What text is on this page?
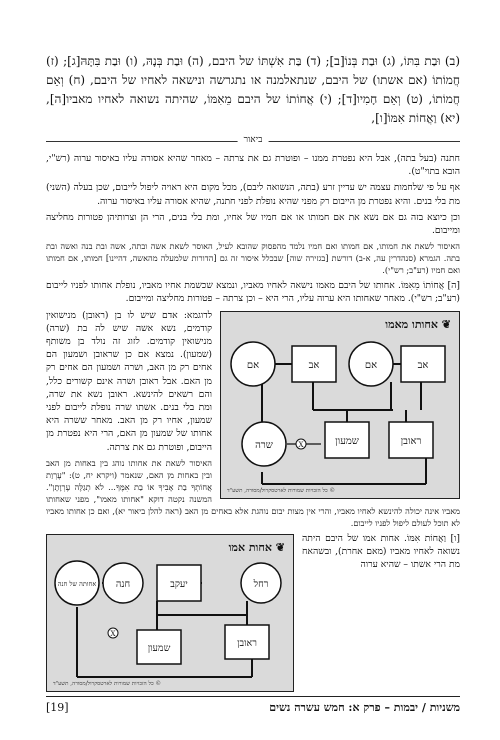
(ב) וּבַת בִּתּוֹ, (ג) וּבַת בְּנוֹ[ב]; (ד) בַּת אִשְׁתּוֹ של היבם, (ה) וּבַת בְּנָהּ, (ו) וּבַת בִּתָּהּ[ג]; (ז) חֲמוֹתוֹ (אם אשתו) של היבם, שנתאלמנה או נתגרשה ונישאה לאחיו של היבם, (ח) וְאֵם חֲמוֹתוֹ, (ט) וְאֵם חָמִיו[ד]; (י) אֲחוֹתוֹ של היבם מֵאִמּוֹ, שהיתה נשואה לאחיו מאביו[ה], (יא) וַאֲחוֹת אִמּוֹ[ו],

ביאור

חתנה (בעל בתה), אבל היא נפטרת ממנו – ופוטרת גם את צרתה – מאחר שהיא אסורה עליו באיסור ערוה (רש"י, הובא בתוי"ט).

אף על פי שלחמות עצמה יש עדיין זרע (בתה, הנשואה ליבם), מכל מקום היא ראויה ליפול לייבום, שכן בעלה (השני) מת בלי בנים. והיא נפטרת מן הייבום רק מפני שהיא נופלת לפני חתנה, שהיא אסורה עליו באיסור ערוה.

וכן כיוצא בזה גם אם נשא את אם חמותו או אם חמיו של אחיו, ומת בלי בנים, הרי הן וצרותיהן פטורות מחליצה ומייבום.

האיסור לשאת את חמותו, אם חמותו ואם חמיו נלמד מהפסוק שהובא לעיל, האוסר לשאת אשה ובתה, אשה ובת בנה ואשה ובת בתה. הגמרא (סנהדרין עה, א-ב) דורשת [בגזירה שוה] שבכלל איסור זה גם [הדורות שלמעלה מהאשה, דהיינו] חמותו, אם חמותו ואם חמיו (רע"ב; רש"י).

[ה] אֲחוֹתוֹ מֵאִמּוֹ. אחותו של היבם מאמו נישאה לאחיו מאביו, ונמצא שכשמת אחיו מאביו, נופלת אחותו לפניו לייבום (רע"ב; רש"י). מאחר שאחותו היא ערוה עליו, הרי היא – וכן צרתה – פטורות מחליצה ומייבום.

❦ אחותו מאמו
X
אם	אב	אם	אב
שרה	שמעון	ראובן
© כל הזכויות שמורות לארטסקרול/מסורה, תשע"ד

לדוגמא: אדם שיש לו בן (ראובן) מנישואין קודמים, נשא אשה שיש לה בת (שרה) מנישואין קודמים. לזוג זה נולד בן משותף (שמעון). נמצא אם כן שראובן ושמעון הם אחים רק מן האב, ושרה ושמעון הם אחים רק מן האם. אבל ראובן ושרה אינם קשורים כלל, והם רשאים להינשא. ראובן נשא את שרה, ומת בלי בנים. אשתו שרה נופלת לייבום לפני שמעון, אחיו רק מן האב. מאחר ששרה היא אחותו של שמעון מן האם, הרי היא נפטרת מן הייבום, ופוטרת גם את צרתה.

האיסור לשאת את אחותו נוהג בין באחות מן האב ובין באחות מן האם, שנאמר (ויקרא יח, ט): "עֶרְוַת אֲחוֹתְךָ בַת אָבִיךָ אוֹ בַת אִמֶּךָ... לֹא תְגַלֶּה עֶרְוָתָן". המשנה נקטה דוקא "אחותו מאמו", מפני שאחותו מאביו אינה יכולה להינשא לאחיו מאביו, והרי אין מצות יבום נוהגת אלא באחים מן האב (ראה להלן ביאור יא), ואם כן אחותו מאביו לא תוכל לעולם ליפול לפניו לייבום.

❦ אחות אמו
X
רחל
יעקב
חנה
אחותה של חנה
ראובן
שמעון
© כל הזכויות שמורות לארטסקרול/מסורה, תשע"ד

[ו] וַאֲחוֹת אִמּוֹ. אחות אמו של היבם היתה נשואה לאחיו מאביו (מאם אחרת), ובשהאח מת הרי אשתו – שהיא ערוה

משניות / יבמות – פרק א: חמש עשרה נשים
[19]
